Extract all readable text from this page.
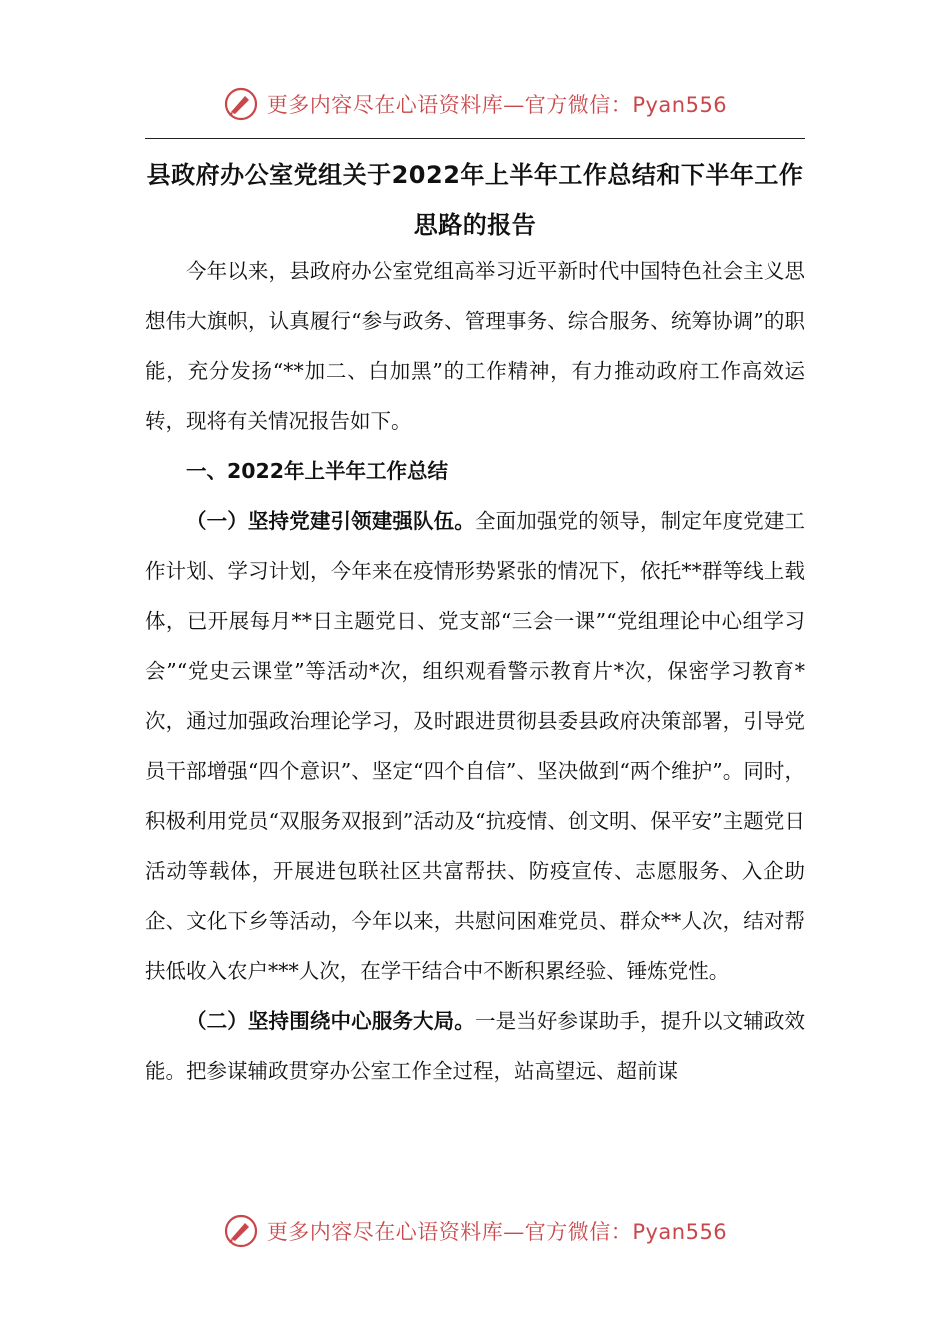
更多内容尽在心语资料库—官方微信：Pyan556
县政府办公室党组关于2022年上半年工作总结和下半年工作思路的报告

今年以来，县政府办公室党组高举习近平新时代中国特色社会主义思想伟大旗帜，认真履行“参与政务、管理事务、综合服务、统筹协调”的职能，充分发扬“**加二、白加黑”的工作精神，有力推动政府工作高效运转，现将有关情况报告如下。

一、2022年上半年工作总结

（一）坚持党建引领建强队伍。全面加强党的领导，制定年度党建工作计划、学习计划，今年来在疫情形势紧张的情况下，依托**群等线上载体，已开展每月**日主题党日、党支部“三会一课”“党组理论中心组学习会”“党史云课堂”等活动*次，组织观看警示教育片*次，保密学习教育*次，通过加强政治理论学习，及时跟进贯彻县委县政府决策部署，引导党员干部增强“四个意识”、坚定“四个自信”、坚决做到“两个维护”。同时，积极利用党员“双服务双报到”活动及“抗疫情、创文明、保平安”主题党日活动等载体，开展进包联社区共富帮扶、防疫宣传、志愿服务、入企助企、文化下乡等活动，今年以来，共慰问困难党员、群众**人次，结对帮扶低收入农户***人次，在学干结合中不断积累经验、锤炼党性。

（二）坚持围绕中心服务大局。一是当好参谋助手，提升以文辅政效能。把参谋辅政贯穿办公室工作全过程，站高望远、超前谋

更多内容尽在心语资料库—官方微信：Pyan556
